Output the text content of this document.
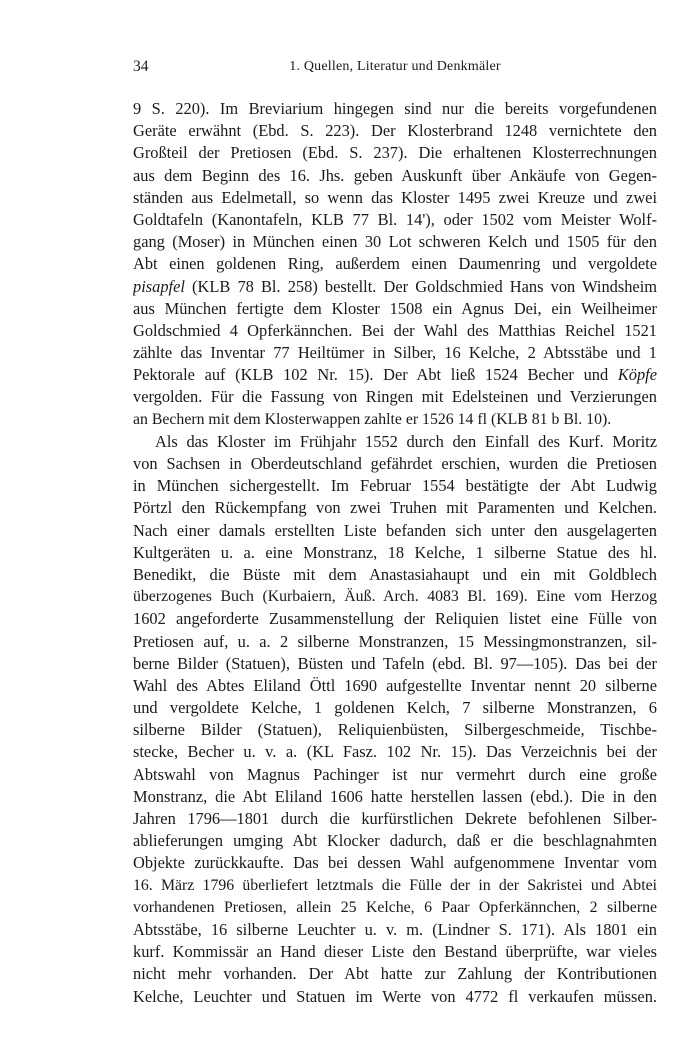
34	1. Quellen, Literatur und Denkmäler
9 S. 220). Im Breviarium hingegen sind nur die bereits vorgefundenen
Geräte erwähnt (Ebd. S. 223). Der Klosterbrand 1248 vernichtete den
Großteil der Pretiosen (Ebd. S. 237). Die erhaltenen Klosterrechnungen
aus dem Beginn des 16. Jhs. geben Auskunft über Ankäufe von Gegen-
ständen aus Edelmetall, so wenn das Kloster 1495 zwei Kreuze und zwei
Goldtafeln (Kanontafeln, KLB 77 Bl. 14'), oder 1502 vom Meister Wolf-
gang (Moser) in München einen 30 Lot schweren Kelch und 1505 für den
Abt einen goldenen Ring, außerdem einen Daumenring und vergoldete
pisapfel (KLB 78 Bl. 258) bestellt. Der Goldschmied Hans von Windsheim
aus München fertigte dem Kloster 1508 ein Agnus Dei, ein Weilheimer
Goldschmied 4 Opferkännchen. Bei der Wahl des Matthias Reichel 1521
zählte das Inventar 77 Heiltümer in Silber, 16 Kelche, 2 Abtsstäbe und 1
Pektorale auf (KLB 102 Nr. 15). Der Abt ließ 1524 Becher und Köpfe
vergolden. Für die Fassung von Ringen mit Edelsteinen und Verzierungen
an Bechern mit dem Klosterwappen zahlte er 1526 14 fl (KLB 81 b Bl. 10).
Als das Kloster im Frühjahr 1552 durch den Einfall des Kurf. Moritz
von Sachsen in Oberdeutschland gefährdet erschien, wurden die Pretiosen
in München sichergestellt. Im Februar 1554 bestätigte der Abt Ludwig
Pörtzl den Rückempfang von zwei Truhen mit Paramenten und Kelchen.
Nach einer damals erstellten Liste befanden sich unter den ausgelagerten
Kultgeräten u. a. eine Monstranz, 18 Kelche, 1 silberne Statue des hl.
Benedikt, die Büste mit dem Anastasiahaupt und ein mit Goldblech
überzogenes Buch (Kurbaiern, Äuß. Arch. 4083 Bl. 169). Eine vom Herzog
1602 angeforderte Zusammenstellung der Reliquien listet eine Fülle von
Pretiosen auf, u. a. 2 silberne Monstranzen, 15 Messingmonstranzen, sil-
berne Bilder (Statuen), Büsten und Tafeln (ebd. Bl. 97—105). Das bei der
Wahl des Abtes Eliland Öttl 1690 aufgestellte Inventar nennt 20 silberne
und vergoldete Kelche, 1 goldenen Kelch, 7 silberne Monstranzen, 6
silberne Bilder (Statuen), Reliquienbüsten, Silbergeschmeide, Tischbe-
stecke, Becher u. v. a. (KL Fasz. 102 Nr. 15). Das Verzeichnis bei der
Abtswahl von Magnus Pachinger ist nur vermehrt durch eine große
Monstranz, die Abt Eliland 1606 hatte herstellen lassen (ebd.). Die in den
Jahren 1796—1801 durch die kurfürstlichen Dekrete befohlenen Silber-
ablieferungen umging Abt Klocker dadurch, daß er die beschlagnahmten
Objekte zurückkaufte. Das bei dessen Wahl aufgenommene Inventar vom
16. März 1796 überliefert letztmals die Fülle der in der Sakristei und Abtei
vorhandenen Pretiosen, allein 25 Kelche, 6 Paar Opferkännchen, 2 silberne
Abtsstäbe, 16 silberne Leuchter u. v. m. (Lindner S. 171). Als 1801 ein
kurf. Kommissär an Hand dieser Liste den Bestand überprüfte, war vieles
nicht mehr vorhanden. Der Abt hatte zur Zahlung der Kontributionen
Kelche, Leuchter und Statuen im Werte von 4772 fl verkaufen müssen.
